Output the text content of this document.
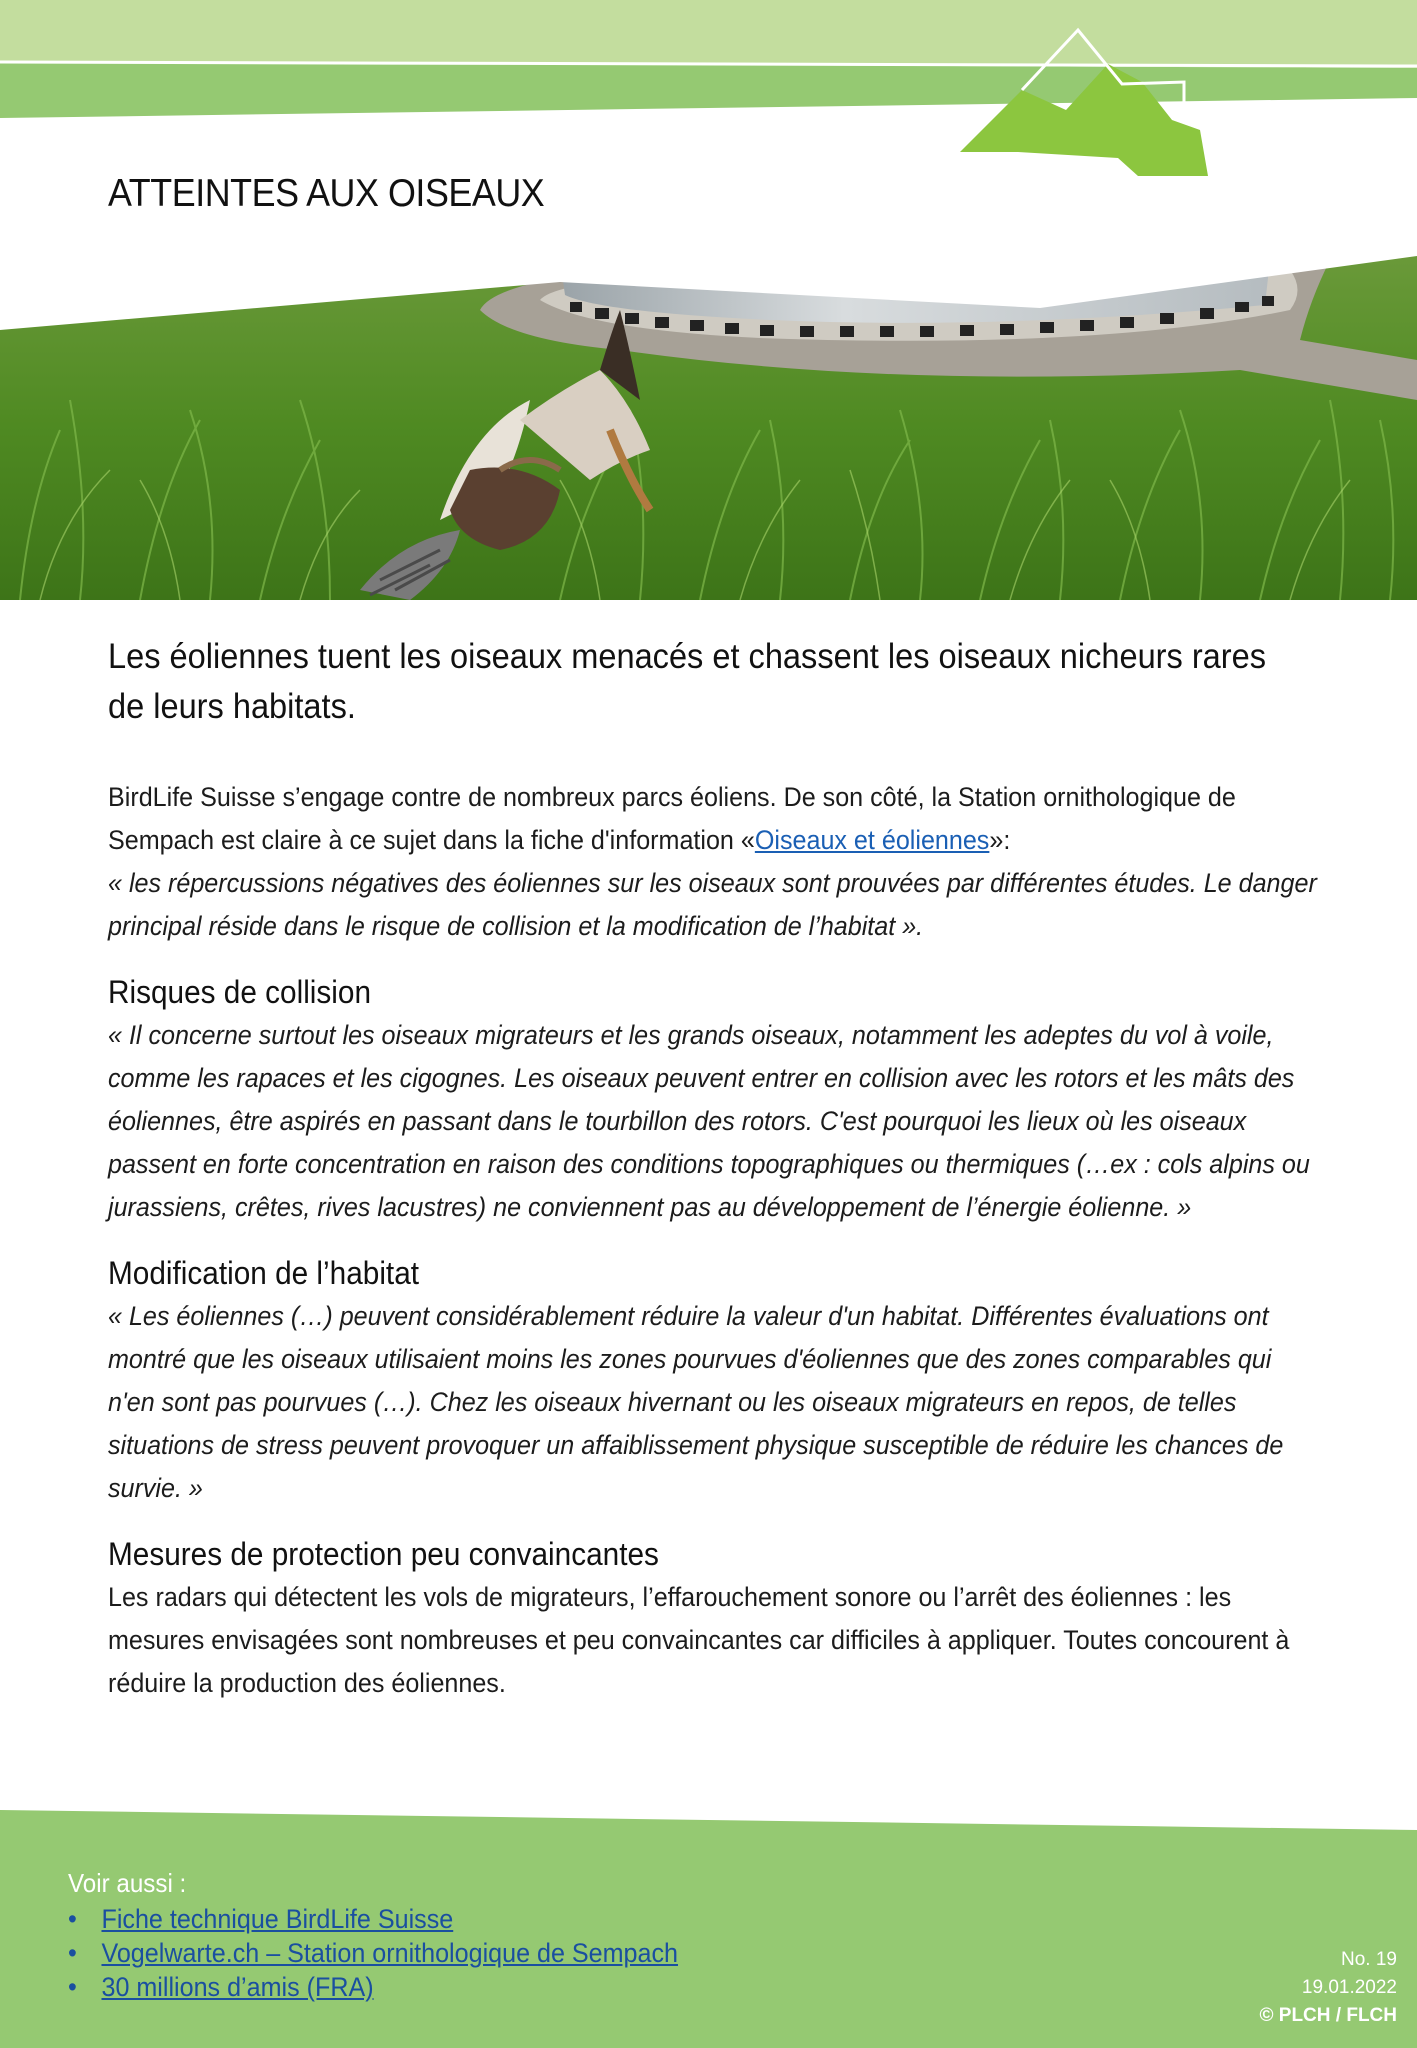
ATTEINTES AUX OISEAUX
Les éoliennes tuent les oiseaux menacés et chassent les oiseaux nicheurs rares de leurs habitats.
BirdLife Suisse s’engage contre de nombreux parcs éoliens. De son côté, la Station ornithologique de Sempach est claire à ce sujet dans la fiche d'information «Oiseaux et éoliennes»:
« les répercussions négatives des éoliennes sur les oiseaux sont prouvées par différentes études. Le danger principal réside dans le risque de collision et la modification de l’habitat ».
Risques de collision
« Il concerne surtout les oiseaux migrateurs et les grands oiseaux, notamment les adeptes du vol à voile, comme les rapaces et les cigognes. Les oiseaux peuvent entrer en collision avec les rotors et les mâts des éoliennes, être aspirés en passant dans le tourbillon des rotors. C'est pourquoi les lieux où les oiseaux passent en forte concentration en raison des conditions topographiques ou thermiques (…ex : cols alpins ou jurassiens, crêtes, rives lacustres) ne conviennent pas au développement de l’énergie éolienne. »
Modification de l’habitat
« Les éoliennes (…) peuvent considérablement réduire la valeur d'un habitat. Différentes évaluations ont montré que les oiseaux utilisaient moins les zones pourvues d'éoliennes que des zones comparables qui n'en sont pas pourvues (…). Chez les oiseaux hivernant ou les oiseaux migrateurs en repos, de telles situations de stress peuvent provoquer un affaiblissement physique susceptible de réduire les chances de survie. »
Mesures de protection peu convaincantes
Les radars qui détectent les vols de migrateurs, l’effarouchement sonore ou l’arrêt des éoliennes : les mesures envisagées sont nombreuses et peu convaincantes car difficiles à appliquer. Toutes concourent à réduire la production des éoliennes.
Voir aussi :
• Fiche technique BirdLife Suisse
• Vogelwarte.ch – Station ornithologique de Sempach
• 30 millions d’amis (FRA)
No. 19
19.01.2022
© PLCH / FLCH
